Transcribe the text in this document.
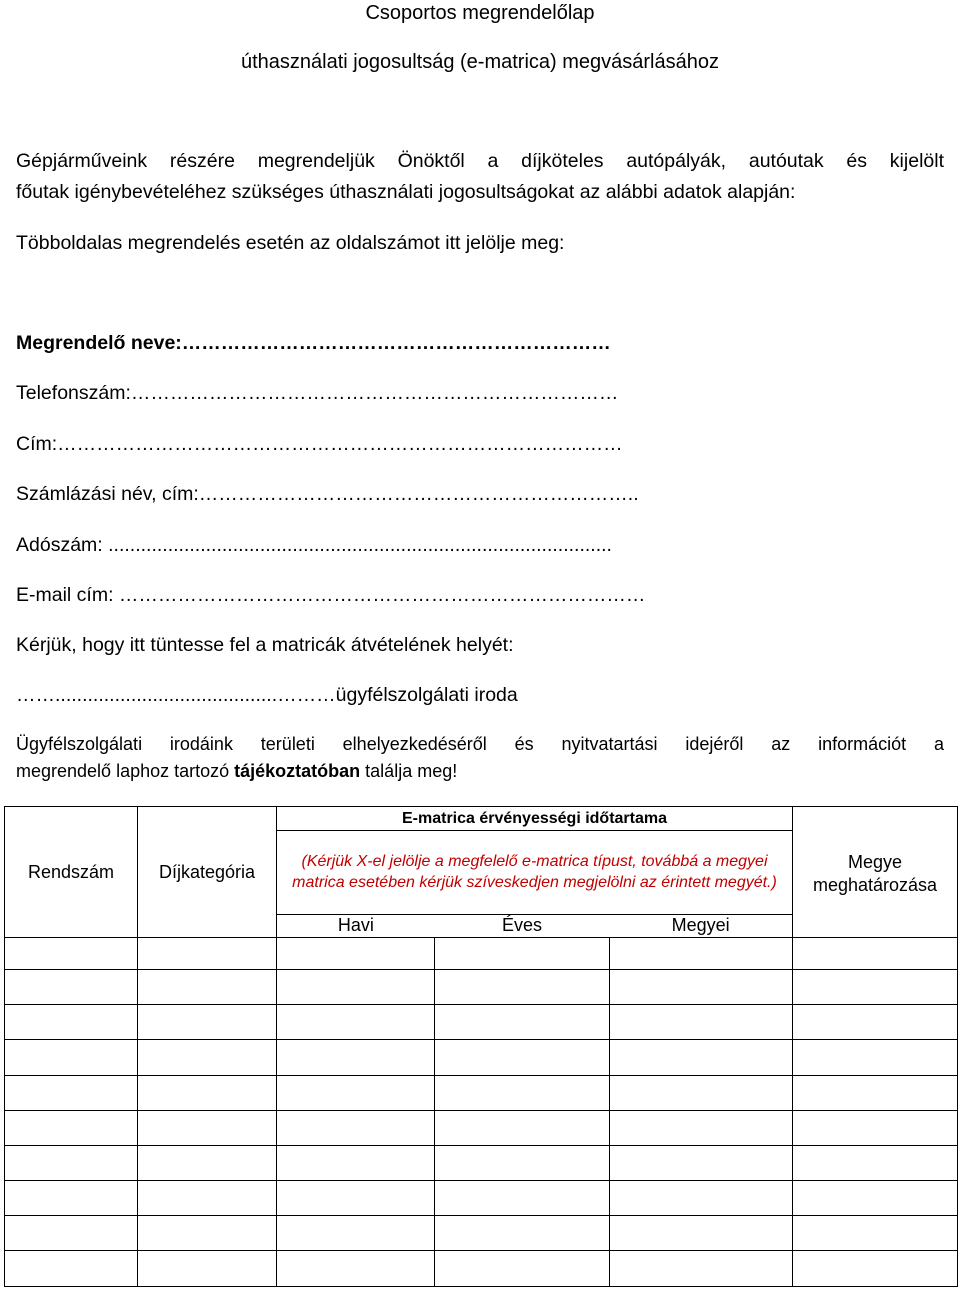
Csoportos megrendelőlap
úthasználati jogosultság (e-matrica) megvásárlásához
Gépjárműveink részére megrendeljük Önöktől a díjköteles autópályák, autóutak és kijelölt
főutak igénybevételéhez szükséges úthasználati jogosultságokat az alábbi adatok alapján:
Többoldalas megrendelés esetén az oldalszámot itt jelölje meg:
Megrendelő neve:…………………………………………………………
Telefonszám:…………………………………………………………………
Cím:……………………………………………………………………………
Számlázási név, cím:…………………………………………………………..
Adószám: .............................................................................................
E-mail cím: ………………………………………………………………………
Kérjük, hogy itt tüntesse fel a matricák átvételének helyét:
…….........................................………ügyfélszolgálati iroda
Ügyfélszolgálati irodáink területi elhelyezkedéséről és nyitvatartási idejéről az információt a
megrendelő laphoz tartozó tájékoztatóban találja meg!
Rendszám	Díjkategória	E-matrica érvényességi időtartama			Megye meghatározása
		(Kérjük X-el jelölje a megfelelő e-matrica típust, továbbá a megyei matrica esetében kérjük szíveskedjen megjelölni az érintett megyét.)			

		Havi Éves Megyei			
